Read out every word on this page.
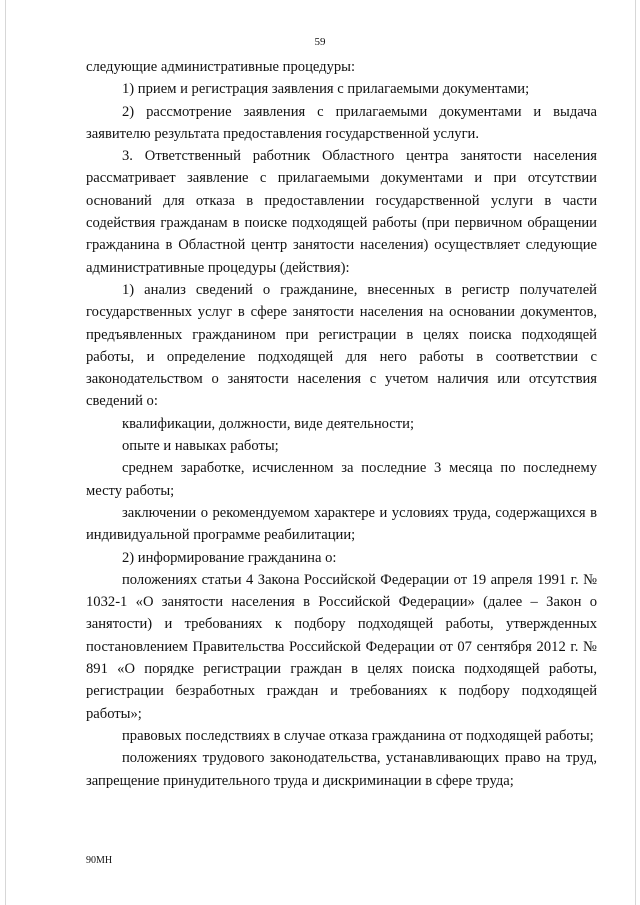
59

следующие административные процедуры:

1) прием и регистрация заявления с прилагаемыми документами;

2) рассмотрение заявления с прилагаемыми документами и выдача заявителю результата предоставления государственной услуги.

3. Ответственный работник Областного центра занятости населения рассматривает заявление с прилагаемыми документами и при отсутствии оснований для отказа в предоставлении государственной услуги в части содействия гражданам в поиске подходящей работы (при первичном обращении гражданина в Областной центр занятости населения) осуществляет следующие административные процедуры (действия):

1) анализ сведений о гражданине, внесенных в регистр получателей государственных услуг в сфере занятости населения на основании документов, предъявленных гражданином при регистрации в целях поиска подходящей работы, и определение подходящей для него работы в соответствии с законодательством о занятости населения с учетом наличия или отсутствия сведений о:

квалификации, должности, виде деятельности;

опыте и навыках работы;

среднем заработке, исчисленном за последние 3 месяца по последнему месту работы;

заключении о рекомендуемом характере и условиях труда, содержащихся в индивидуальной программе реабилитации;

2) информирование гражданина о:

положениях статьи 4 Закона Российской Федерации от 19 апреля 1991 г. № 1032-1 «О занятости населения в Российской Федерации» (далее – Закон о занятости) и требованиях к подбору подходящей работы, утвержденных постановлением Правительства Российской Федерации от 07 сентября 2012 г. № 891 «О порядке регистрации граждан в целях поиска подходящей работы, регистрации безработных граждан и требованиях к подбору подходящей работы»;

правовых последствиях в случае отказа гражданина от подходящей работы;

положениях трудового законодательства, устанавливающих право на труд, запрещение принудительного труда и дискриминации в сфере труда;

90МН
